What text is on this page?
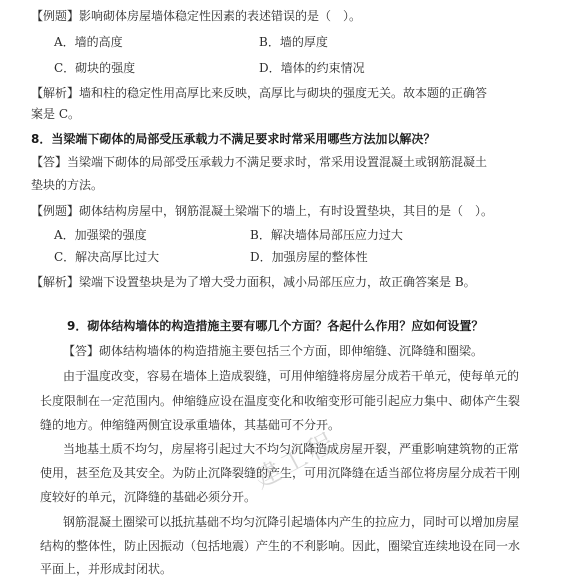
建工程
【例题】影响砌体房屋墙体稳定性因素的表述错误的是（　）。
A．墙的高度	B．墙的厚度
C．砌块的强度	D．墙体的约束情况
【解析】墙和柱的稳定性用高厚比来反映，高厚比与砌块的强度无关。故本题的正确答
案是 C。
8．当梁端下砌体的局部受压承载力不满足要求时常采用哪些方法加以解决？
【答】当梁端下砌体的局部受压承载力不满足要求时，常采用设置混凝土或钢筋混凝土
垫块的方法。
【例题】砌体结构房屋中，钢筋混凝土梁端下的墙上，有时设置垫块，其目的是（　）。
A．加强梁的强度	B．解决墙体局部压应力过大
C．解决高厚比过大	D．加强房屋的整体性
【解析】梁端下设置垫块是为了增大受力面积，减小局部压应力，故正确答案是 B。
9．砌体结构墙体的构造措施主要有哪几个方面？各起什么作用？应如何设置？
【答】砌体结构墙体的构造措施主要包括三个方面，即伸缩缝、沉降缝和圈梁。
由于温度改变，容易在墙体上造成裂缝，可用伸缩缝将房屋分成若干单元，使每单元的
长度限制在一定范围内。伸缩缝应设在温度变化和收缩变形可能引起应力集中、砌体产生裂
缝的地方。伸缩缝两侧宜设承重墙体，其基础可不分开。
当地基土质不均匀，房屋将引起过大不均匀沉降造成房屋开裂，严重影响建筑物的正常
使用，甚至危及其安全。为防止沉降裂缝的产生，可用沉降缝在适当部位将房屋分成若干刚
度较好的单元，沉降缝的基础必须分开。
钢筋混凝土圈梁可以抵抗基础不均匀沉降引起墙体内产生的拉应力，同时可以增加房屋
结构的整体性，防止因振动（包括地震）产生的不利影响。因此，圈梁宜连续地设在同一水
平面上，并形成封闭状。
